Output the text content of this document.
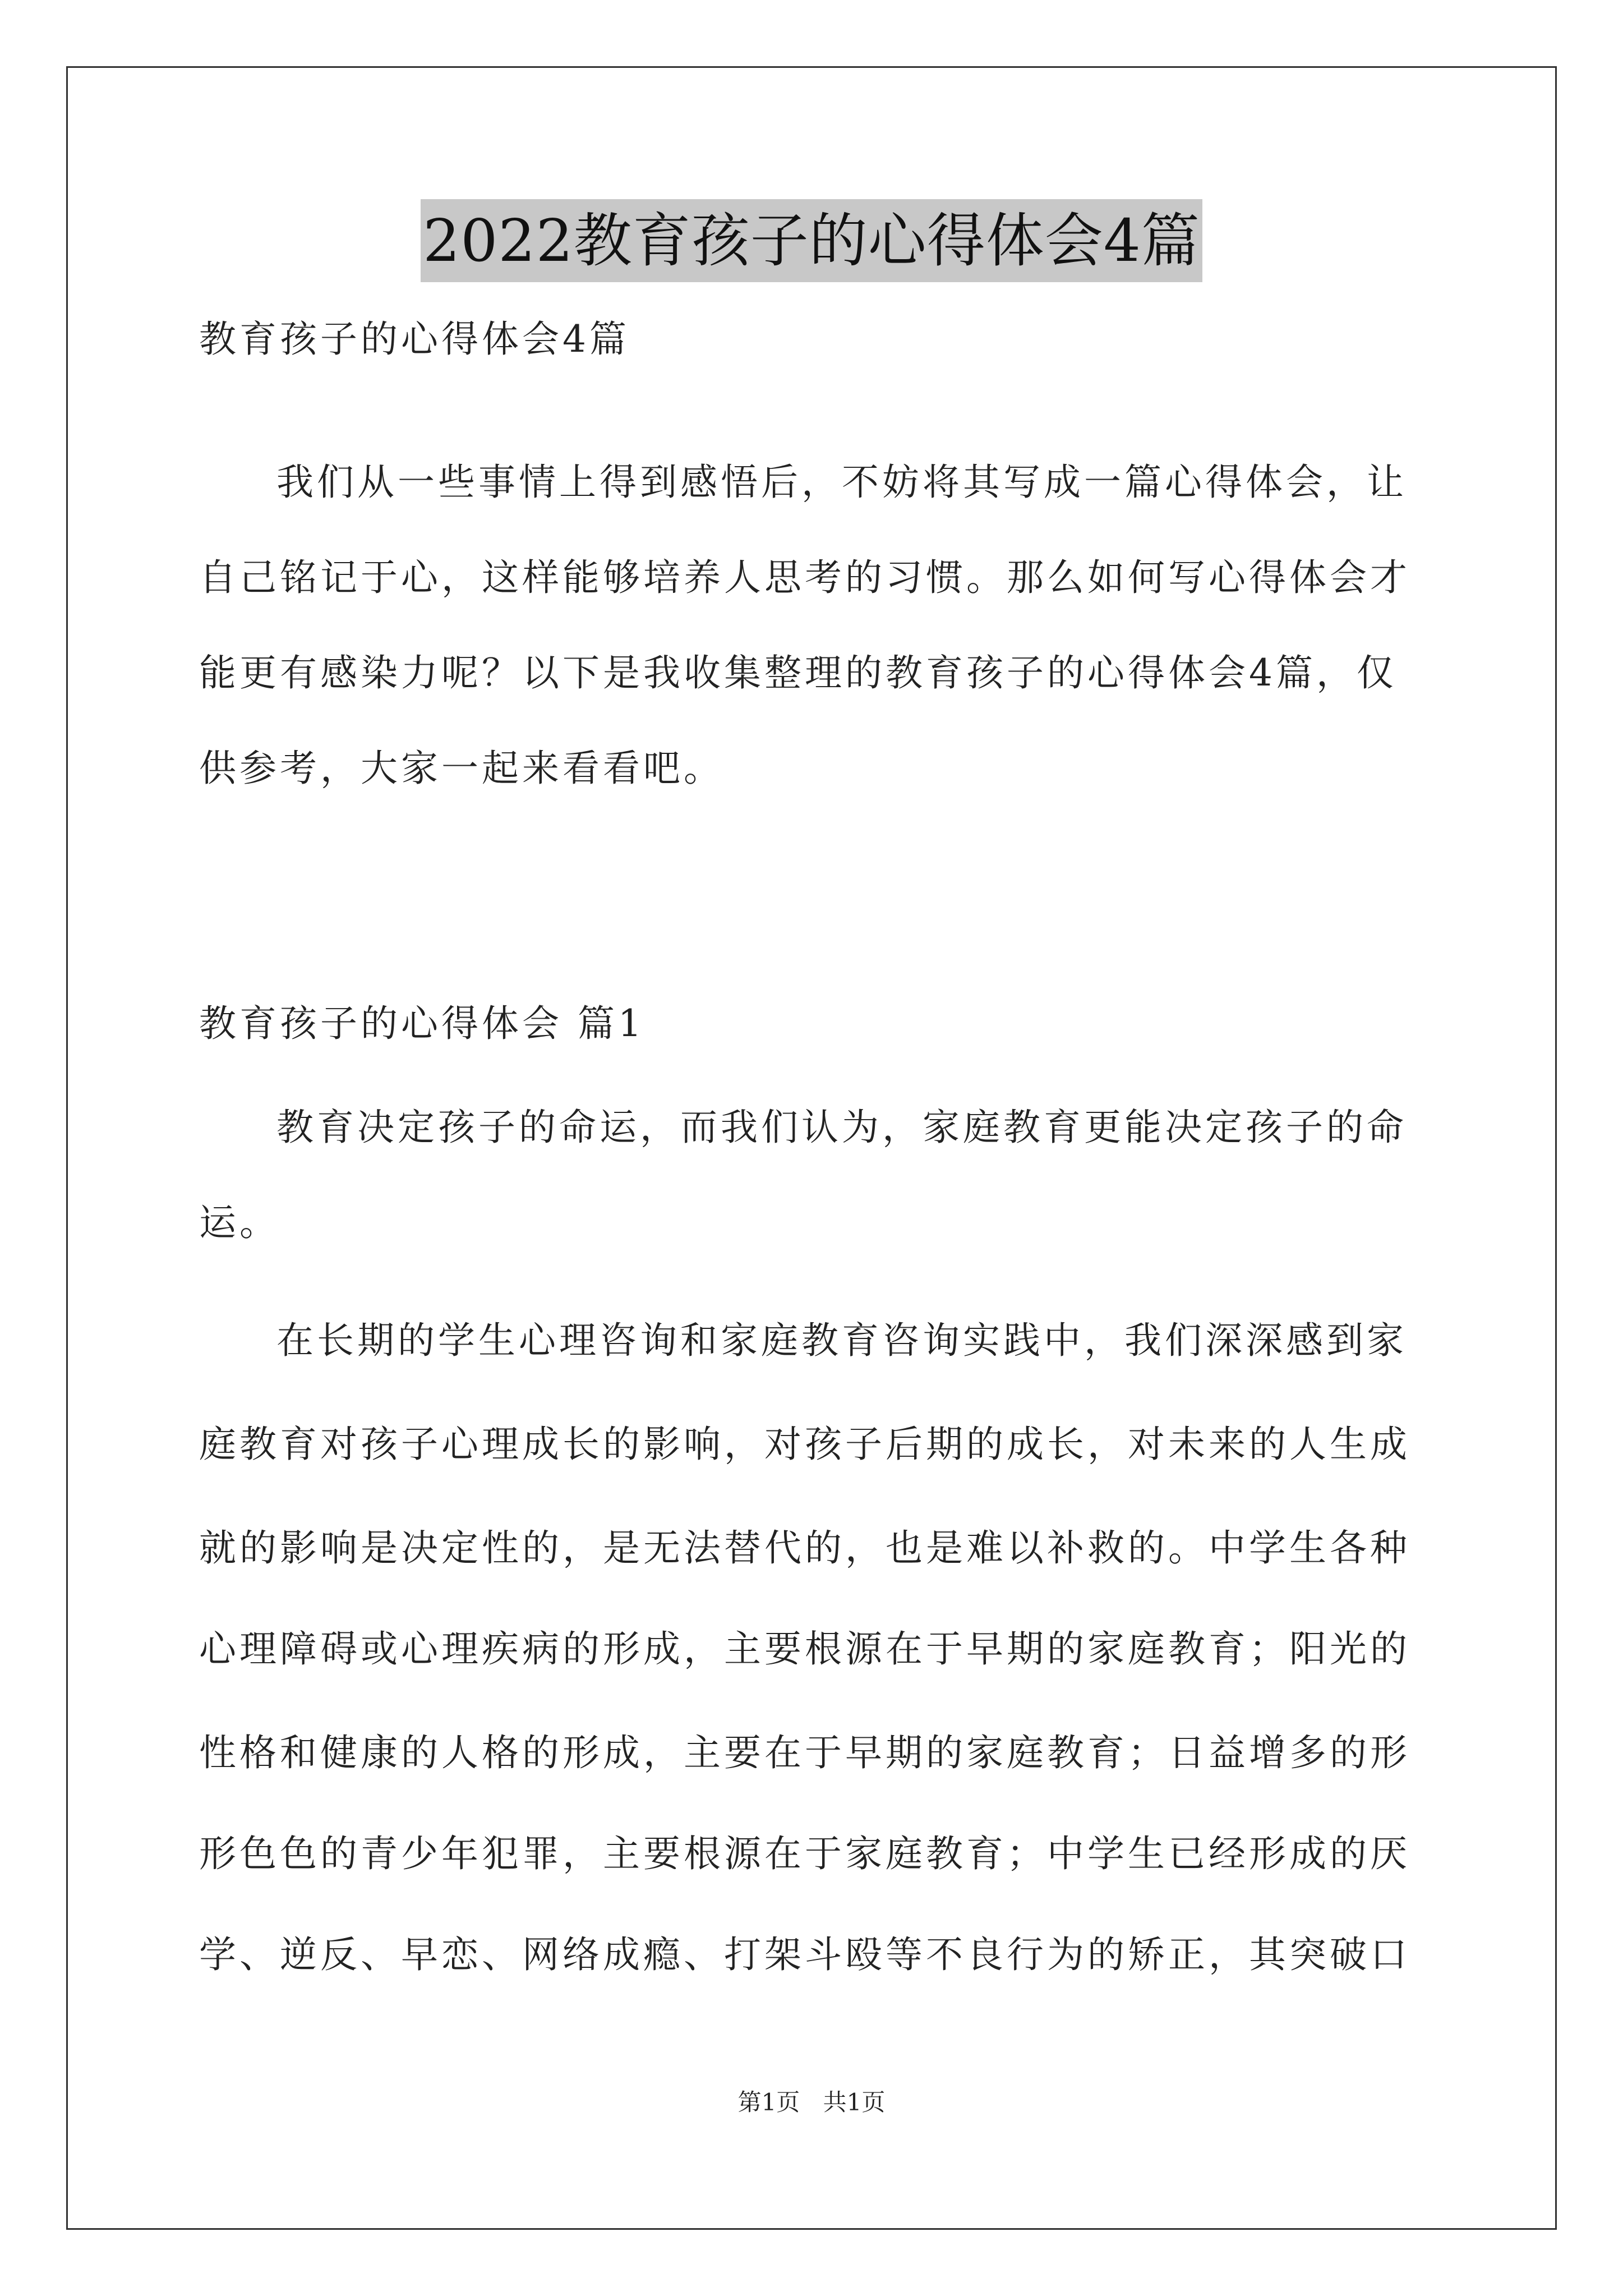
2022教育孩子的心得体会4篇
教育孩子的心得体会4篇
我们从一些事情上得到感悟后，不妨将其写成一篇心得体会，让
自己铭记于心，这样能够培养人思考的习惯。那么如何写心得体会才
能更有感染力呢？以下是我收集整理的教育孩子的心得体会4篇，仅
供参考，大家一起来看看吧。
教育孩子的心得体会 篇1
教育决定孩子的命运，而我们认为，家庭教育更能决定孩子的命
运。
在长期的学生心理咨询和家庭教育咨询实践中，我们深深感到家
庭教育对孩子心理成长的影响，对孩子后期的成长，对未来的人生成
就的影响是决定性的，是无法替代的，也是难以补救的。中学生各种
心理障碍或心理疾病的形成，主要根源在于早期的家庭教育；阳光的
性格和健康的人格的形成，主要在于早期的家庭教育；日益增多的形
形色色的青少年犯罪，主要根源在于家庭教育；中学生已经形成的厌
学、逆反、早恋、网络成瘾、打架斗殴等不良行为的矫正，其突破口
第1页 共1页
